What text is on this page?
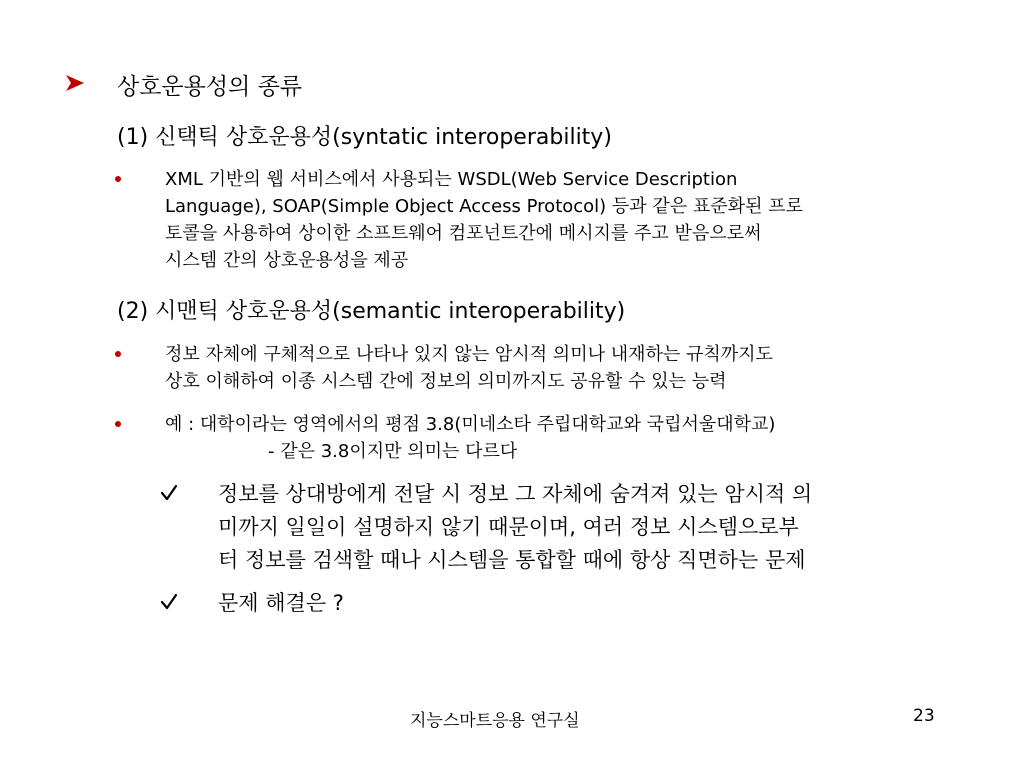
상호운용성의 종류
(1) 신택틱 상호운용성(syntatic interoperability)
XML 기반의 웹 서비스에서 사용되는 WSDL(Web Service Description
Language), SOAP(Simple Object Access Protocol) 등과 같은 표준화된 프로
토콜을 사용하여 상이한 소프트웨어 컴포넌트간에 메시지를 주고 받음으로써
시스템 간의 상호운용성을 제공
(2) 시맨틱 상호운용성(semantic interoperability)
정보 자체에 구체적으로 나타나 있지 않는 암시적 의미나 내재하는 규칙까지도
상호 이해하여 이종 시스템 간에 정보의 의미까지도 공유할 수 있는 능력
예 : 대학이라는 영역에서의 평점 3.8(미네소타 주립대학교와 국립서울대학교)
- 같은 3.8이지만 의미는 다르다
정보를 상대방에게 전달 시 정보 그 자체에 숨겨져 있는 암시적 의
미까지 일일이 설명하지 않기 때문이며, 여러 정보 시스템으로부
터 정보를 검색할 때나 시스템을 통합할 때에 항상 직면하는 문제
문제 해결은 ?
지능스마트응용 연구실	23
